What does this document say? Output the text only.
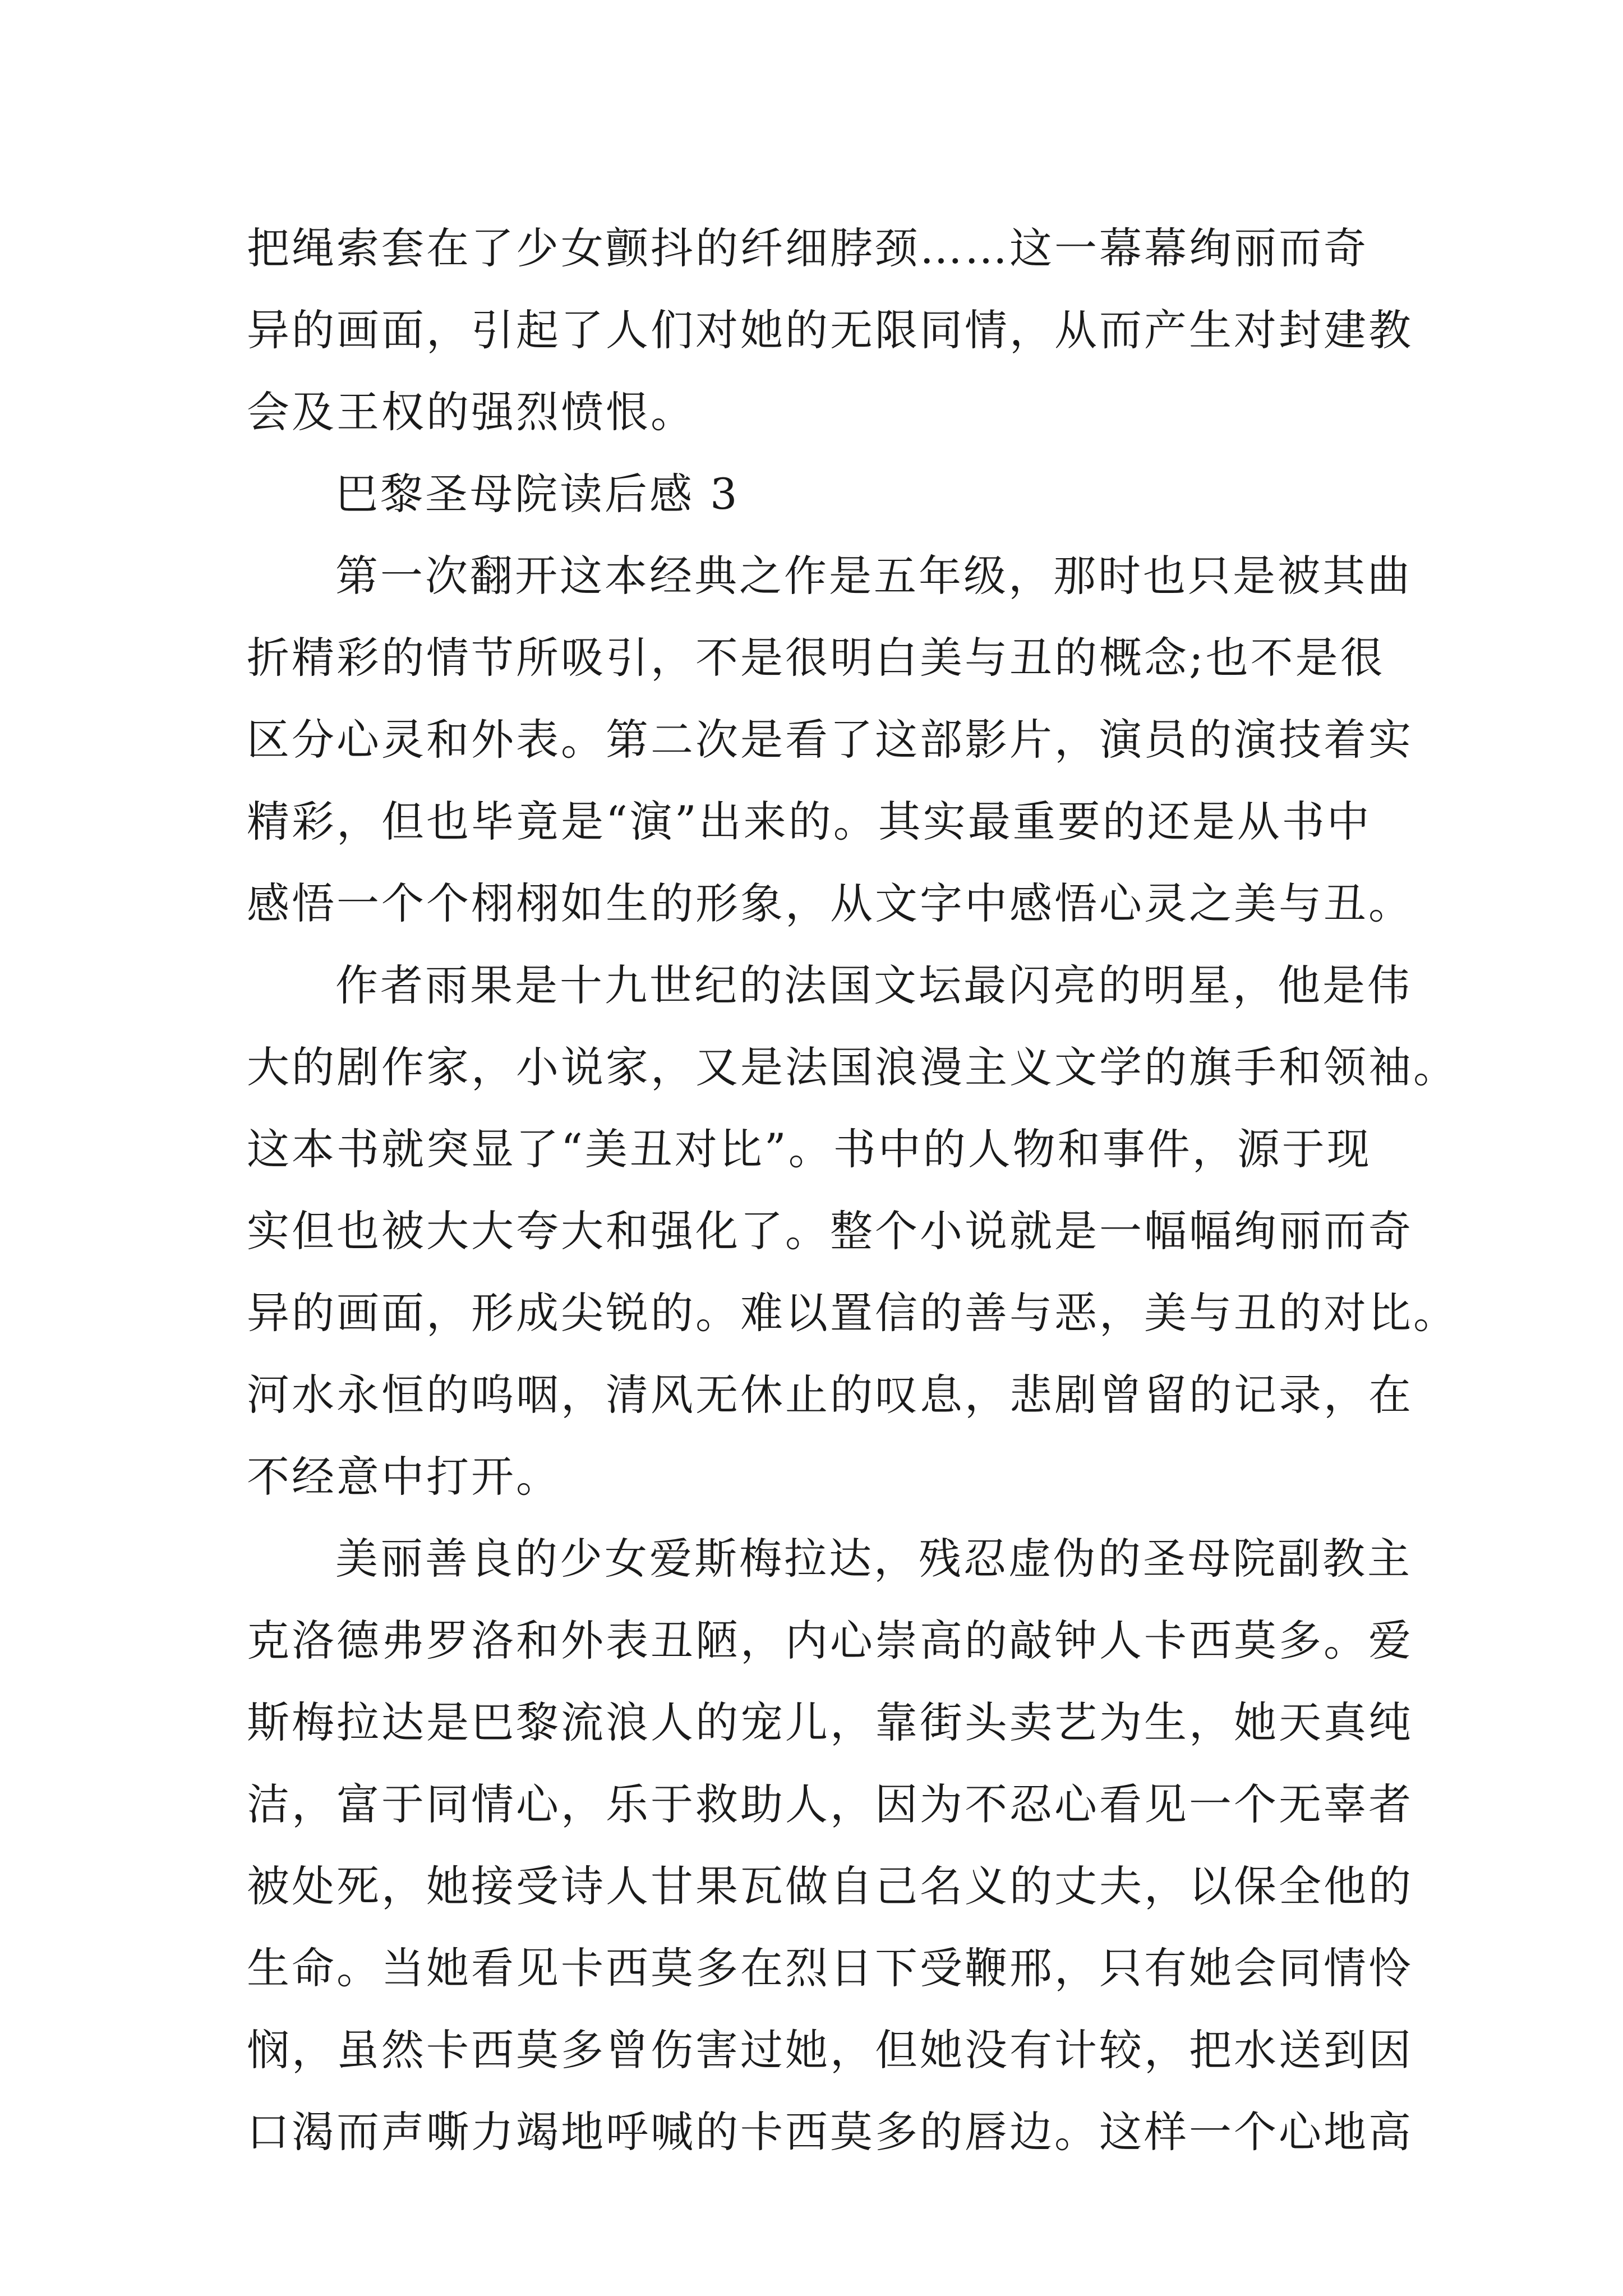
把绳索套在了少女颤抖的纤细脖颈……这一幕幕绚丽而奇
异的画面，引起了人们对她的无限同情，从而产生对封建教
会及王权的强烈愤恨。
巴黎圣母院读后感 3
第一次翻开这本经典之作是五年级，那时也只是被其曲
折精彩的情节所吸引，不是很明白美与丑的概念;也不是很
区分心灵和外表。第二次是看了这部影片，演员的演技着实
精彩，但也毕竟是“演”出来的。其实最重要的还是从书中
感悟一个个栩栩如生的形象，从文字中感悟心灵之美与丑。
作者雨果是十九世纪的法国文坛最闪亮的明星，他是伟
大的剧作家，小说家，又是法国浪漫主义文学的旗手和领袖。
这本书就突显了“美丑对比”。书中的人物和事件，源于现
实但也被大大夸大和强化了。整个小说就是一幅幅绚丽而奇
异的画面，形成尖锐的。难以置信的善与恶，美与丑的对比。
河水永恒的呜咽，清风无休止的叹息，悲剧曾留的记录，在
不经意中打开。
美丽善良的少女爱斯梅拉达，残忍虚伪的圣母院副教主
克洛德弗罗洛和外表丑陋，内心崇高的敲钟人卡西莫多。爱
斯梅拉达是巴黎流浪人的宠儿，靠街头卖艺为生，她天真纯
洁，富于同情心，乐于救助人，因为不忍心看见一个无辜者
被处死，她接受诗人甘果瓦做自己名义的丈夫，以保全他的
生命。当她看见卡西莫多在烈日下受鞭邢，只有她会同情怜
悯，虽然卡西莫多曾伤害过她，但她没有计较，把水送到因
口渴而声嘶力竭地呼喊的卡西莫多的唇边。这样一个心地高
